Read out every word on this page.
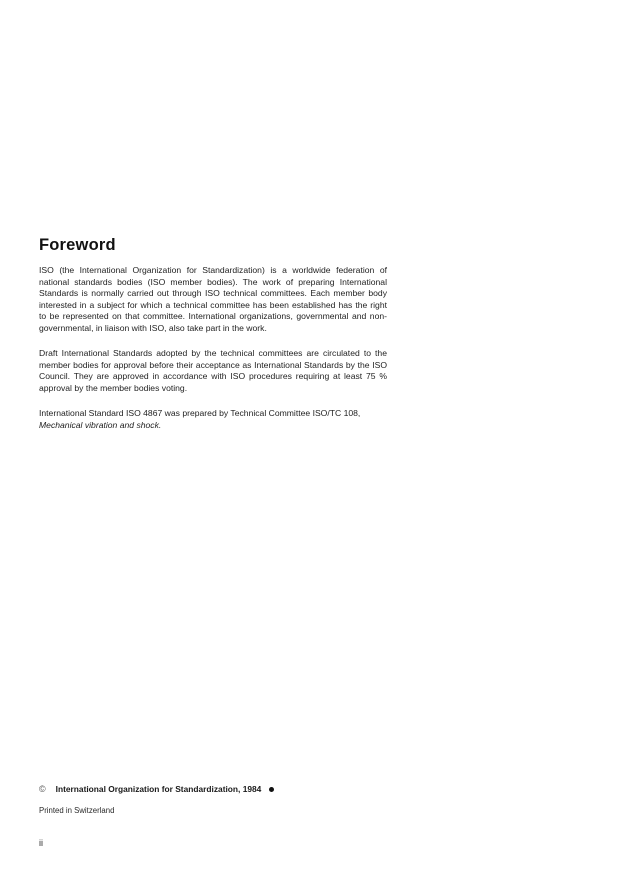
Foreword

ISO (the International Organization for Standardization) is a worldwide federation of national standards bodies (ISO member bodies). The work of preparing International Standards is normally carried out through ISO technical committees. Each member body interested in a subject for which a technical committee has been established has the right to be represented on that committee. International organizations, governmental and non-governmental, in liaison with ISO, also take part in the work.

Draft International Standards adopted by the technical committees are circulated to the member bodies for approval before their acceptance as International Standards by the ISO Council. They are approved in accordance with ISO procedures requiring at least 75 % approval by the member bodies voting.

International Standard ISO 4867 was prepared by Technical Committee ISO/TC 108,
Mechanical vibration and shock.

© International Organization for Standardization, 1984
Printed in Switzerland
ii
